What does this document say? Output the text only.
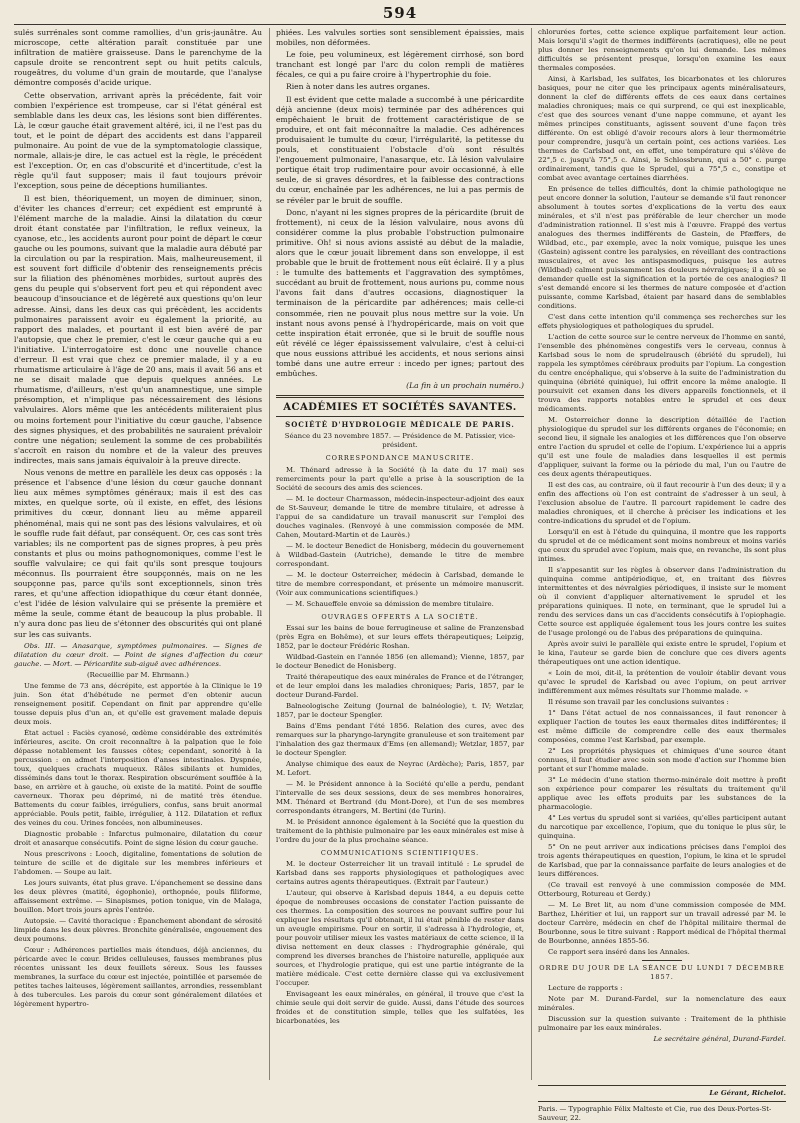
594

sulés surrénales sont comme ramollies, d'un gris-jaunâtre. Au microscope, cette altération paraît constituée par une infiltration de matière graisseuse. Dans le parenchyme de la capsule droite se rencontrent sept ou huit petits calculs, rougeâtres, du volume d'un grain de moutarde, que l'analyse démontre composés d'acide urique.

Cette observation, arrivant après la précédente, fait voir combien l'expérience est trompeuse, car si l'état général est semblable dans les deux cas, les lésions sont bien différentes. Là, le cœur gauche était gravement altéré, ici, il ne l'est pas du tout, et le point de départ des accidents est dans l'appareil pulmonaire. Au point de vue de la symptomatologie classique, normale, allais-je dire, le cas actuel est la règle, le précédent est l'exception. Or, en cas d'obscurité et d'incertitude, c'est la règle qu'il faut supposer; mais il faut toujours prévoir l'exception, sous peine de déceptions humiliantes.

Il est bien, théoriquement, un moyen de diminuer, sinon, d'éviter les chances d'erreur; cet expédient est emprunté à l'élément marche de la maladie. Ainsi la dilatation du cœur droit étant constatée par l'infiltration, le reflux veineux, la cyanose, etc., les accidents auront pour point de départ le cœur gauche ou les poumons, suivant que la maladie aura débuté par la circulation ou par la respiration. Mais, malheureusement, il est souvent fort difficile d'obtenir des renseignements précis sur la filiation des phénomènes morbides, surtout auprès des gens du peuple qui s'observent fort peu et qui répondent avec beaucoup d'insouciance et de légèreté aux questions qu'on leur adresse. Ainsi, dans les deux cas qui précèdent, les accidents pulmonaires paraissent avoir eu également la priorité, au rapport des malades, et pourtant il est bien avéré de par l'autopsie, que chez le premier, c'est le cœur gauche qui a eu l'initiative. L'interrogatoire est donc une nouvelle chance d'erreur. Il est vrai que chez ce premier malade, il y a eu rhumatisme articulaire à l'âge de 20 ans, mais il avait 56 ans et ne se disait malade que depuis quelques années. Le rhumatisme, d'ailleurs, n'est qu'un anamnestique, une simple présomption, et n'implique pas nécessairement des lésions valvulaires. Alors même que les antécédents militeraient plus ou moins fortement pour l'initiative du cœur gauche, l'absence des signes physiques, et des probabilités ne sauraient prévaloir contre une négation; seulement la somme de ces probabilités s'accroît en raison du nombre et de la valeur des preuves indirectes, mais sans jamais équivaloir à la preuve directe.

Nous venons de mettre en parallèle les deux cas opposés : la présence et l'absence d'une lésion du cœur gauche donnant lieu aux mêmes symptômes généraux; mais il est des cas mixtes, en quelque sorte, où il existe, en effet, des lésions primitives du cœur, donnant lieu au même appareil phénoménal, mais qui ne sont pas des lésions valvulaires, et où le souffle rude fait défaut, par conséquent. Or, ces cas sont très variables; ils ne comportent pas de signes propres, à peu près constants et plus ou moins pathognomoniques, comme l'est le souffle valvulaire; ce qui fait qu'ils sont presque toujours méconnus. Ils pourraient être soupçonnés, mais on ne les soupçonne pas, parce qu'ils sont exceptionnels, sinon très rares, et qu'une affection idiopathique du cœur étant donnée, c'est l'idée de lésion valvulaire qui se présente la première et même la seule, comme étant de beaucoup la plus probable. Il n'y aura donc pas lieu de s'étonner des obscurités qui ont plané sur les cas suivants.

Obs. III. — Anasarque, symptômes pulmonaires. — Signes de dilatation du cœur droit. — Point de signes d'affection du cœur gauche. — Mort. — Péricardite sub-aiguë avec adhérences.

(Recueillie par M. Ehrmann.)

Une femme de 73 ans, décrépite, est apportée à la Clinique le 19 juin. Son état d'hébétude ne permet d'en obtenir aucun renseignement positif. Cependant on finit par apprendre qu'elle tousse depuis plus d'un an, et qu'elle est gravement malade depuis deux mois.

État actuel : Faciès cyanosé, œdème considérable des extrémités inférieures, ascite. On croit reconnaître à la palpation que le foie dépasse notablement les fausses côtes; cependant, sonorité à la percussion : on admet l'interposition d'anses intestinales. Dyspnée, toux, quelques crachats muqueux. Râles sibilants et humides, disséminés dans tout le thorax. Respiration obscurément soufflée à la base, en arrière et à gauche, où existe de la matité. Point de souffle caverneux. Thorax peu déprimé, ni de matité très étendue. Battements du cœur faibles, irréguliers, confus, sans bruit anormal appréciable. Pouls petit, faible, irrégulier, à 112. Dilatation et reflux des veines du cou. Urines foncées, non albumineuses.

Diagnostic probable : Infarctus pulmonaire, dilatation du cœur droit et anasarque consécutifs. Point de signe lésion du cœur gauche.

Nous prescrivons : Looch, digitaline, fomentations de solution de teinture de scille et de digitale sur les membres inférieurs et l'abdomen. — Soupe au lait.

Les jours suivants, état plus grave. L'épanchement se dessine dans les deux plèvres (matité, égophonie), orthopnée, pouls filiforme, affaissement extrême. — Sinapismes, potion tonique, vin de Malaga, bouillon. Mort trois jours après l'entrée.

Autopsie. — Cavité thoracique : Épanchement abondant de sérosité limpide dans les deux plèvres. Bronchite généralisée, engouement des deux poumons.

Cœur : Adhérences partielles mais étendues, déjà anciennes, du péricarde avec le cœur. Brides celluleuses, fausses membranes plus récentes unissant les deux feuillets séreux. Sous les fausses membranes, la surface du cœur est injectée, pointillée et parsemée de petites taches laiteuses, légèrement saillantes, arrondies, ressemblant à des tubercules. Les parois du cœur sont généralement dilatées et légèrement hypertro-

phiées. Les valvules sorties sont sensiblement épaissies, mais mobiles, non déformées.

Le foie, peu volumineux, est légèrement cirrhosé, son bord tranchant est longé par l'arc du colon rempli de matières fécales, ce qui a pu faire croire à l'hypertrophie du foie.

Rien à noter dans les autres organes.

Il est évident que cette malade a succombé à une péricardite déjà ancienne (deux mois) terminée par des adhérences qui empêchaient le bruit de frottement caractéristique de se produire, et ont fait méconnaître la maladie. Ces adhérences produisaient le tumulte du cœur, l'irrégularité, la petitesse du pouls, et constituaient l'obstacle d'où sont résultés l'engouement pulmonaire, l'anasarque, etc. Là lésion valvulaire portique était trop rudimentaire pour avoir occasionné, à elle seule, de si graves désordres, et la faiblesse des contractions du cœur, enchaînée par les adhérences, ne lui a pas permis de se révéler par le bruit de souffle.

Donc, n'ayant ni les signes propres de la péricardite (bruit de frottement), ni ceux de la lésion valvulaire, nous avons dû considérer comme la plus probable l'obstruction pulmonaire primitive. Oh! si nous avions assisté au début de la maladie, alors que le cœur jouait librement dans son enveloppe, il est probable que le bruit de frottement nous eût éclairé. Il y a plus : le tumulte des battements et l'aggravation des symptômes, succédant au bruit de frottement, nous aurions pu, comme nous l'avons fait dans d'autres occasions, diagnostiquer la terminaison de la péricardite par adhérences; mais celle-ci consommée, rien ne pouvait plus nous mettre sur la voie. Un instant nous avons pensé à l'hydropéricarde, mais on voit que cette inspiration était erronée, que si le bruit de souffle nous eût révélé ce léger épaississement valvulaire, c'est à celui-ci que nous eussions attribué les accidents, et nous serions ainsi tombé dans une autre erreur : incedo per ignes; partout des embûches.

(La fin à un prochain numéro.)

ACADÉMIES ET SOCIÉTÉS SAVANTES.

SOCIÉTÉ D'HYDROLOGIE MÉDICALE DE PARIS.

Séance du 23 novembre 1857. — Présidence de M. Patissier, vice-président.

CORRESPONDANCE MANUSCRITE.

M. Thénard adresse à la Société (à la date du 17 mai) ses remerciments pour la part qu'elle a prise à la souscription de la Société de secours des amis des sciences.

— M. le docteur Charmasson, médecin-inspecteur-adjoint des eaux de St-Sauveur, demande le titre de membre titulaire, et adresse à l'appui de sa candidature un travail manuscrit sur l'emploi des douches vaginales. (Renvoyé à une commission composée de MM. Cahen, Moutard-Martin et de Laurès.)

— M. le docteur Benedict de Honisberg, médecin du gouvernement à Wildbad-Gastein (Autriche), demande le titre de membre correspondant.

— M. le docteur Osterreicher, médecin à Carlsbad, demande le titre de membre correspondant, et présente un mémoire manuscrit. (Voir aux communications scientifiques.)

— M. Schaueffele envoie sa démission de membre titulaire.

OUVRAGES OFFERTS A LA SOCIÉTÉ.

Essai sur les bains de boue ferrugineuse et saline de Franzensbad (près Egra en Bohême), et sur leurs effets thérapeutiques; Leipzig, 1852, par le docteur Frédéric Roshan.

Wildbad-Gastein en l'année 1856 (en allemand); Vienne, 1857, par le docteur Benedict de Honisberg.

Traité thérapeutique des eaux minérales de France et de l'étranger, et de leur emploi dans les maladies chroniques; Paris, 1857, par le docteur Durand-Fardel.

Balneologische Zeitung (Journal de balnéologie), t. IV; Wetzlar, 1857, par le docteur Spengler.

Bains d'Ems pendant l'été 1856. Relation des cures, avec des remarques sur la pharyngo-laryngite granuleuse et son traitement par l'inhalation des gaz thermaux d'Ems (en allemand); Wetzlar, 1857, par le docteur Spengler.

Analyse chimique des eaux de Neyrac (Ardèche); Paris, 1857, par M. Lefort.

— M. le Président annonce à la Société qu'elle a perdu, pendant l'intervalle de ses deux sessions, deux de ses membres honoraires, MM. Thénard et Bertrand (du Mont-Dore), et l'un de ses membres correspondants étrangers, M. Bertini (de Turin).

M. le Président annonce également à la Société que la question du traitement de la phthisie pulmonaire par les eaux minérales est mise à l'ordre du jour de la plus prochaine séance.

COMMUNICATIONS SCIENTIFIQUES.

M. le docteur Osterreicher lit un travail intitulé : Le sprudel de Karlsbad dans ses rapports physiologiques et pathologiques avec certains autres agents thérapeutiques. (Extrait par l'auteur.)

L'auteur, qui observe à Karlsbad depuis 1844, a eu depuis cette époque de nombreuses occasions de constater l'action puissante de ces thermes. La composition des sources ne pouvant suffire pour lui expliquer les résultats qu'il obtenait, il lui était pénible de rester dans un aveugle empirisme. Pour en sortir, il s'adressa à l'hydrologie, et, pour pouvoir utiliser mieux les vastes matériaux de cette science, il la divisa nettement en deux classes : l'hydrographie générale, qui comprend les diverses branches de l'histoire naturelle, appliquée aux sources, et l'hydrologie pratique, qui est une partie intégrante de la matière médicale. C'est cette dernière classe qui va exclusivement l'occuper.

Envisageant les eaux minérales, en général, il trouve que c'est la chimie seule qui doit servir de guide. Aussi, dans l'étude des sources froides et de constitution simple, telles que les sulfatées, les bicarbonatées, les

chlorurées fortes, cette science explique parfaitement leur action. Mais lorsqu'il s'agit de thermes indifférents (acratiques), elle ne peut plus donner les renseignements qu'on lui demande. Les mêmes difficultés se présentent presque, lorsqu'on examine les eaux thermales composées.

Ainsi, à Karlsbad, les sulfates, les bicarbonates et les chlorures basiques, pour ne citer que les principaux agents minéralisateurs, donnent la clef de différents effets de ces eaux dans certaines maladies chroniques; mais ce qui surprend, ce qui est inexplicable, c'est que des sources venant d'une nappe commune, et ayant les mêmes principes constituants, agissent souvent d'une façon très différente. On est obligé d'avoir recours alors à leur thermométrie pour comprendre, jusqu'à un certain point, ces actions variées. Les thermes de Carlsbad ont, en effet, une température qui s'élève de 22°,5 c. jusqu'à 75°,5 c. Ainsi, le Schlossbrunn, qui a 50° c. purge ordinairement, tandis que le Sprudel, qui a 75°,5 c., constipe et combat avec avantage certaines diarrhées.

En présence de telles difficultés, dont la chimie pathologique ne peut encore donner la solution, l'auteur se demande s'il faut renoncer absolument à toutes sortes d'explications de la vertu des eaux minérales, et s'il n'est pas préférable de leur chercher un mode d'administration rationnel. Il s'est mis à l'œuvre. Frappé des vertus analogues des thermes indifférents de Gastein, de Pfæffers, de Wildbad, etc., par exemple, avec la noix vomique, puisque les unes (Gastein) agissent contre les paralysies, en réveillant des contractions musculaires, et avec les antispasmodiques, puisque les autres (Wildbad) calment puissamment les douleurs névralgiques; il a dû se demander quelle est la signification et la portée de ces analogies? Il s'est demandé encore si les thermes de nature composée et d'action puissante, comme Karlsbad, étaient par hasard dans de semblables conditions.

C'est dans cette intention qu'il commença ses recherches sur les effets physiologiques et pathologiques du sprudel.

L'action de cette source sur le centre nerveux de l'homme en santé, l'ensemble des phénomènes congestifs vers le cerveau, connus à Karlsbad sous le nom de sprudelrausch (ébriété du sprudel), lui rappela les symptômes cérébraux produits par l'opium. La congestion du centre encéphalique, qui s'observe à la suite de l'administration du quinquina (ébriété quinique), lui offrit encore la même analogie. Il poursuivit cet examen dans les divers appareils fonctionnels, et il trouva des rapports notables entre le sprudel et ces deux médicaments.

M. Osterreicher donne la description détaillée de l'action physiologique du sprudel sur les différents organes de l'économie; en second lieu, il signale les analogies et les différences que l'on observe entre l'action du sprudel et celle de l'opium. L'expérience lui a appris qu'il est une foule de maladies dans lesquelles il est permis d'appliquer, suivant la forme ou la période du mal, l'un ou l'autre de ces deux agents thérapeutiques.

Il est des cas, au contraire, où il faut recourir à l'un des deux; il y a enfin des affections où l'on est contraint de s'adresser à un seul, à l'exclusion absolue de l'autre. Il parcourt rapidement le cadre des maladies chroniques, et il cherche à préciser les indications et les contre-indications du sprudel et de l'opium.

Lorsqu'il en est à l'étude du quinquina, il montre que les rapports du sprudel et de ce médicament sont moins nombreux et moins variés que ceux du sprudel avec l'opium, mais que, en revanche, ils sont plus intimes.

Il s'appesantit sur les règles à observer dans l'administration du quinquina comme antipériodique, et, en traitant des fièvres intermittentes et des névralgies périodiques, il insiste sur le moment où il convient d'appliquer alternativement le sprudel et les préparations quiniques. Il note, en terminant, que le sprudel lui a rendu des services dans un cas d'accidents consécutifs à l'opiophagie. Cette source est appliquée également tous les jours contre les suites de l'usage prolongé ou de l'abus des préparations de quinquina.

Après avoir suivi le parallèle qui existe entre le sprudel, l'opium et le kina, l'auteur se garde bien de conclure que ces divers agents thérapeutiques ont une action identique.

« Loin de moi, dit-il, la prétention de vouloir établir devant vous qu'avec le sprudel de Karlsbad ou avec l'opium, on peut arriver indifféremment aux mêmes résultats sur l'homme malade. »

Il résume son travail par les conclusions suivantes :

1° Dans l'état actuel de nos connaissances, il faut renoncer à expliquer l'action de toutes les eaux thermales dites indifférentes; il est même difficile de comprendre celle des eaux thermales composées, comme l'est Karlsbad, par exemple.

2° Les propriétés physiques et chimiques d'une source étant connues, il faut étudier avec soin son mode d'action sur l'homme bien portant et sur l'homme malade.

3° Le médecin d'une station thermo-minérale doit mettre à profit son expérience pour comparer les résultats du traitement qu'il applique avec les effets produits par les substances de la pharmacologie.

4° Les vertus du sprudel sont si variées, qu'elles participent autant du narcotique par excellence, l'opium, que du tonique le plus sûr, le quinquina.

5° On ne peut arriver aux indications précises dans l'emploi des trois agents thérapeutiques en question, l'opium, le kina et le sprudel de Karlsbad, que par la connaissance parfaite de leurs analogies et de leurs différences.

(Ce travail est renvoyé à une commission composée de MM. Otterbourg, Rotureau et Gerdy.)

— M. Le Bret lit, au nom d'une commission composée de MM. Barthez, Lhéritier et lui, un rapport sur un travail adressé par M. le docteur Carrère, médecin en chef de l'hôpital militaire thermal de Bourbonne, sous le titre suivant : Rapport médical de l'hôpital thermal de Bourbonne, années 1855-56.

Ce rapport sera inséré dans les Annales.

ORDRE DU JOUR DE LA SÉANCE DU LUNDI 7 DÉCEMBRE 1857.

Lecture de rapports :

Note par M. Durand-Fardel, sur la nomenclature des eaux minérales.

Discussion sur la question suivante : Traitement de la phthisie pulmonaire par les eaux minérales.

Le secrétaire général, Durand-Fardel.

Le Gérant, Richelot.
Paris. — Typographie Félix Malteste et Cie, rue des Deux-Portes-St-Sauveur, 22.
